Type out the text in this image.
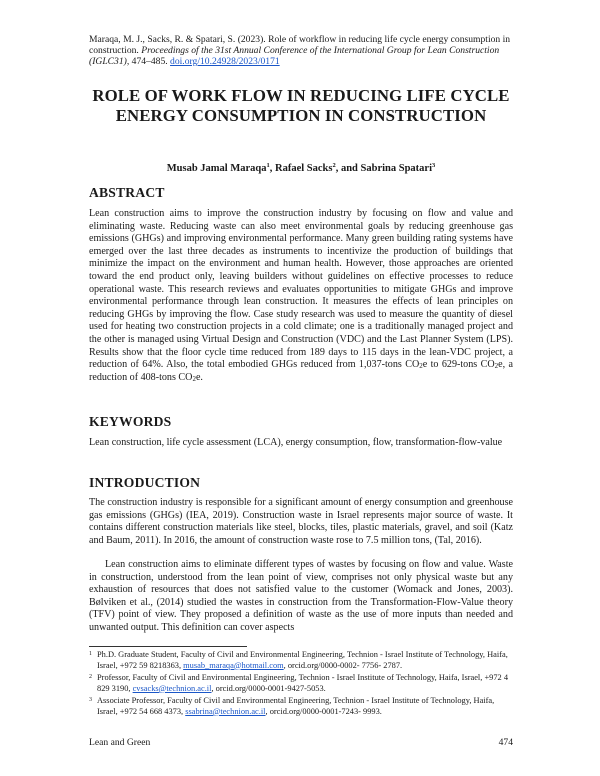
Maraqa, M. J., Sacks, R. & Spatari, S. (2023). Role of workflow in reducing life cycle energy consumption in construction. Proceedings of the 31st Annual Conference of the International Group for Lean Construction (IGLC31), 474–485. doi.org/10.24928/2023/0171
ROLE OF WORK FLOW IN REDUCING LIFE CYCLE ENERGY CONSUMPTION IN CONSTRUCTION
Musab Jamal Maraqa$^1$, Rafael Sacks$^2$, and Sabrina Spatari$^3$
ABSTRACT

Lean construction aims to improve the construction industry by focusing on flow and value and eliminating waste. Reducing waste can also meet environmental goals by reducing greenhouse gas emissions (GHGs) and improving environmental performance. Many green building rating systems have emerged over the last three decades as instruments to incentivize the production of buildings that minimize the impact on the environment and human health. However, those approaches are oriented toward the end product only, leaving builders without guidelines on effective processes to reduce operational waste. This research reviews and evaluates opportunities to mitigate GHGs and improve environmental performance through lean construction. It measures the effects of lean principles on reducing GHGs by improving the flow. Case study research was used to measure the quantity of diesel used for heating two construction projects in a cold climate; one is a traditionally managed project and the other is managed using Virtual Design and Construction (VDC) and the Last Planner System (LPS). Results show that the floor cycle time reduced from 189 days to 115 days in the lean-VDC project, a reduction of 64%. Also, the total embodied GHGs reduced from 1,037-tons $CO_2e$ to 629-tons $CO_2e$, a reduction of 408-tons $CO_2e$.

KEYWORDS

Lean construction, life cycle assessment (LCA), energy consumption, flow, transformation-flow-value

INTRODUCTION

The construction industry is responsible for a significant amount of energy consumption and greenhouse gas emissions (GHGs) (IEA, 2019). Construction waste in Israel represents major source of waste. It contains different construction materials like steel, blocks, tiles, plastic materials, gravel, and soil (Katz and Baum, 2011). In 2016, the amount of construction waste rose to 7.5 million tons, (Tal, 2016).

Lean construction aims to eliminate different types of wastes by focusing on flow and value. Waste in construction, understood from the lean point of view, comprises not only physical waste but any exhaustion of resources that does not satisfied value to the customer (Womack and Jones, 2003). Bølviken et al., (2014) studied the wastes in construction from the Transformation-Flow-Value theory (TFV) point of view. They proposed a definition of waste as the use of more inputs than needed and unwanted output. This definition can cover aspects

1 Ph.D. Graduate Student, Faculty of Civil and Environmental Engineering, Technion - Israel Institute of Technology, Haifa, Israel, +972 59 8218363, musab_maraqa@hotmail.com, orcid.org/0000-0002- 7756- 2787.
2 Professor, Faculty of Civil and Environmental Engineering, Technion - Israel Institute of Technology, Haifa, Israel, +972 4 829 3190, cvsacks@technion.ac.il, orcid.org/0000-0001-9427-5053.
3 Associate Professor, Faculty of Civil and Environmental Engineering, Technion - Israel Institute of Technology, Haifa, Israel, +972 54 668 4373, ssabrina@technion.ac.il, orcid.org/0000-0001-7243- 9993.
Lean and Green	474
